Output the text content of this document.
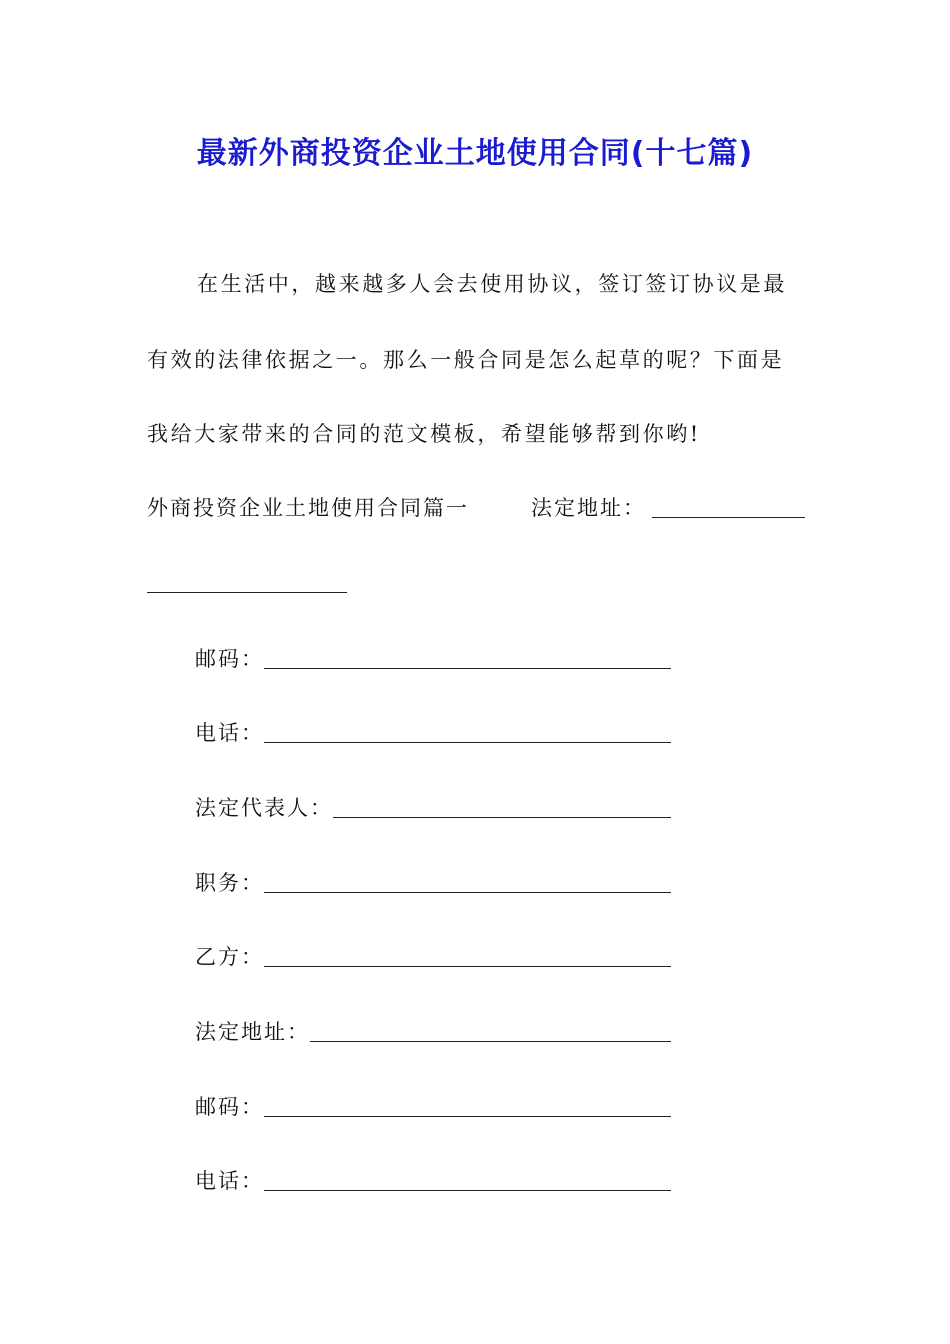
最新外商投资企业土地使用合同(十七篇)
在生活中，越来越多人会去使用协议，签订签订协议是最
有效的法律依据之一。那么一般合同是怎么起草的呢？下面是
我给大家带来的合同的范文模板，希望能够帮到你哟!
外商投资企业土地使用合同篇一	法定地址：
邮码：
电话：
法定代表人：
职务：
乙方：
法定地址：
邮码：
电话：
